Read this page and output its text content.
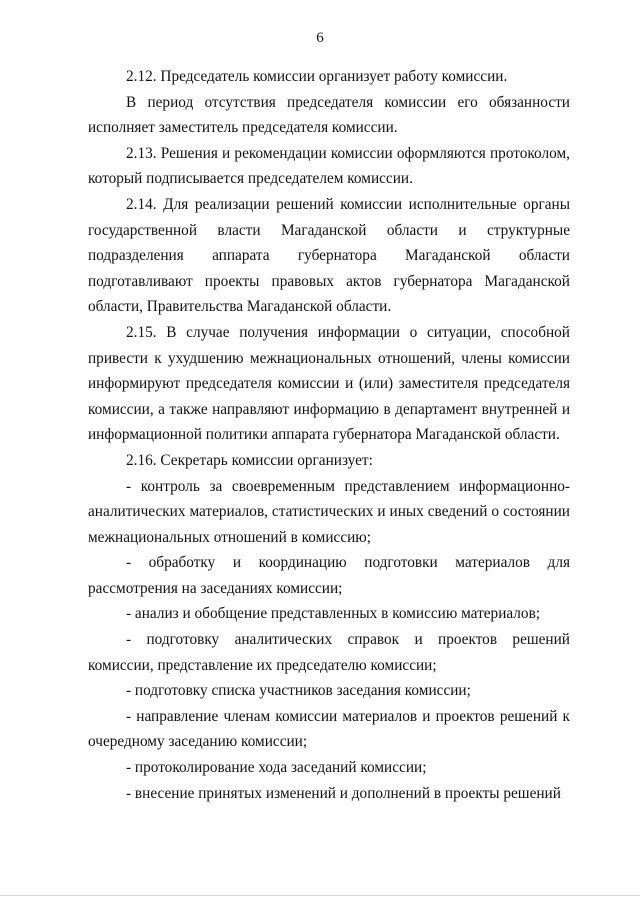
6

2.12. Председатель комиссии организует работу комиссии.

В период отсутствия председателя комиссии его обязанности исполняет заместитель председателя комиссии.

2.13. Решения и рекомендации комиссии оформляются протоколом, который подписывается председателем комиссии.

2.14. Для реализации решений комиссии исполнительные органы государственной власти Магаданской области и структурные подразделения аппарата губернатора Магаданской области подготавливают проекты правовых актов губернатора Магаданской области, Правительства Магаданской области.

2.15. В случае получения информации о ситуации, способной привести к ухудшению межнациональных отношений, члены комиссии информируют председателя комиссии и (или) заместителя председателя комиссии, а также направляют информацию в департамент внутренней и информационной политики аппарата губернатора Магаданской области.

2.16. Секретарь комиссии организует:

- контроль за своевременным представлением информационно-аналитических материалов, статистических и иных сведений о состоянии межнациональных отношений в комиссию;

- обработку и координацию подготовки материалов для рассмотрения на заседаниях комиссии;

- анализ и обобщение представленных в комиссию материалов;

- подготовку аналитических справок и проектов решений комиссии, представление их председателю комиссии;

- подготовку списка участников заседания комиссии;

- направление членам комиссии материалов и проектов решений к очередному заседанию комиссии;

- протоколирование хода заседаний комиссии;

- внесение принятых изменений и дополнений в проекты решений
